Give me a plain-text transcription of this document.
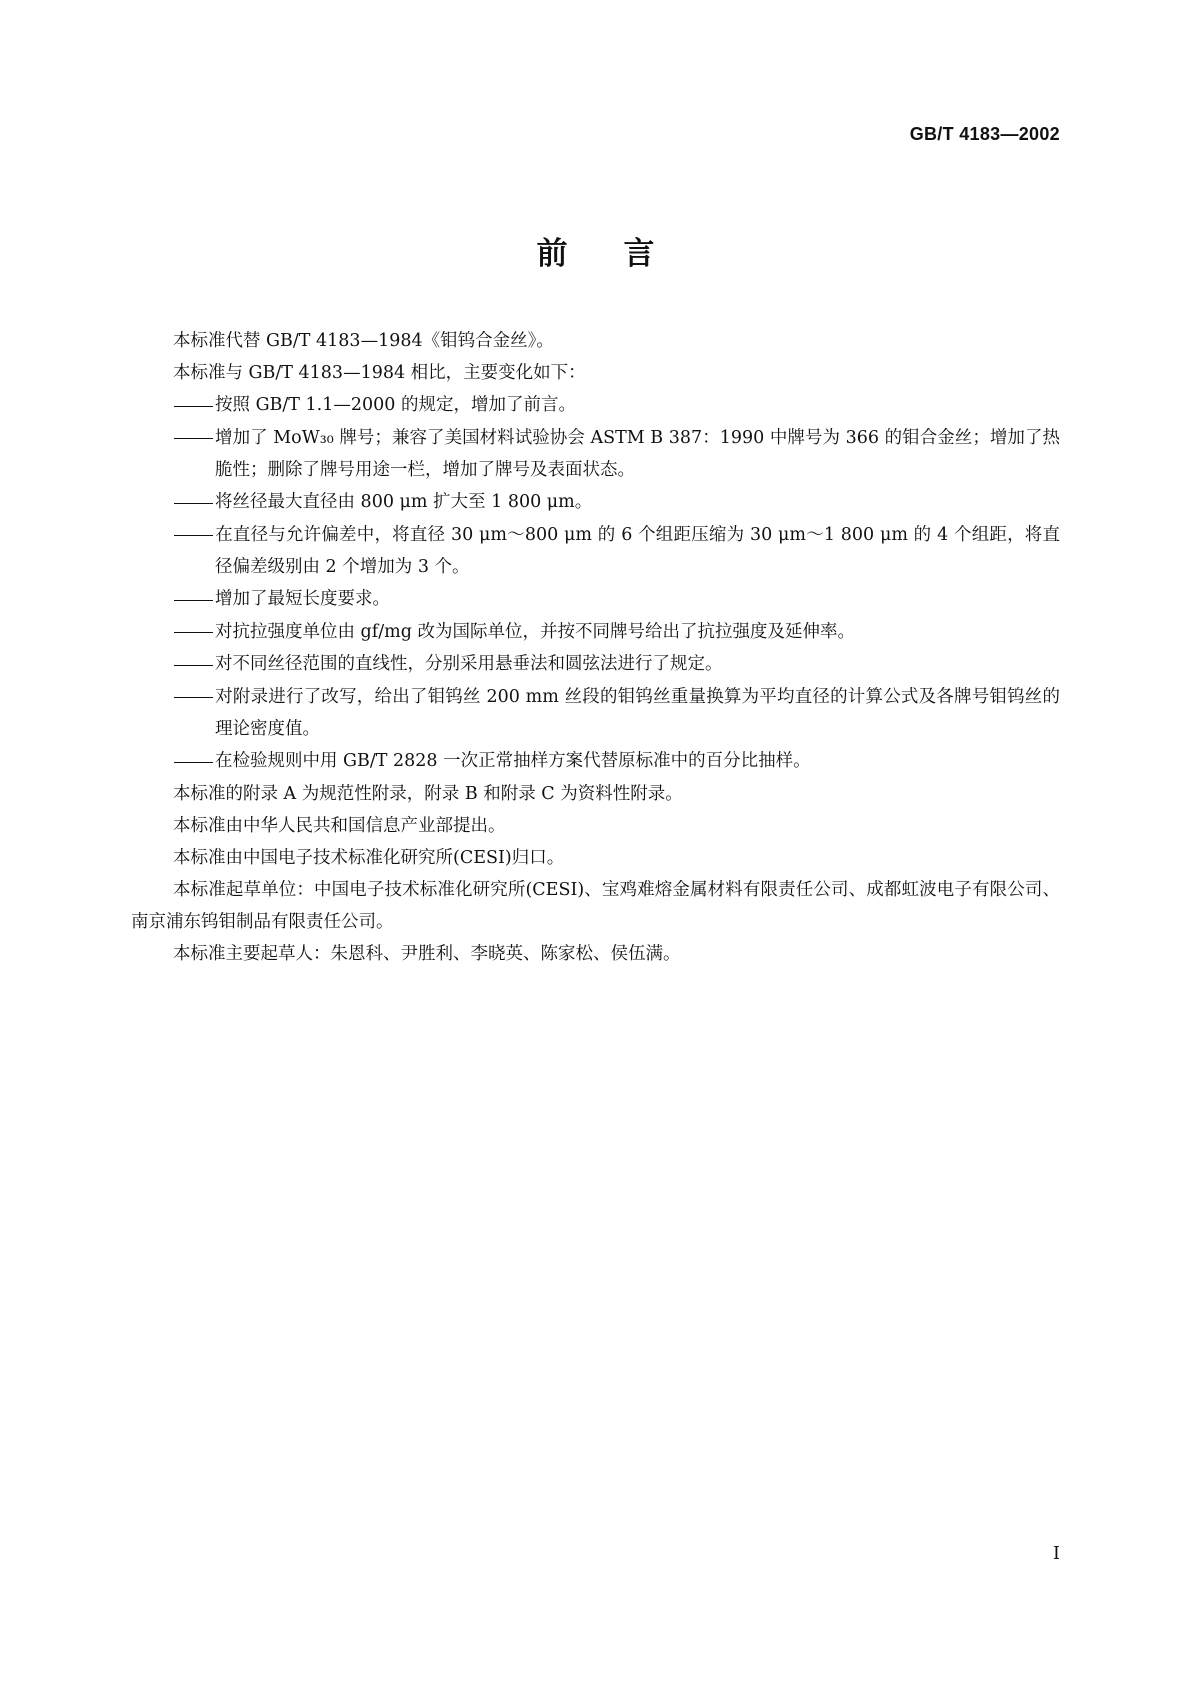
GB/T 4183—2002
前言
本标准代替 GB/T 4183—1984《钼钨合金丝》。
本标准与 GB/T 4183—1984 相比，主要变化如下：
按照 GB/T 1.1—2000 的规定，增加了前言。
增加了 MoW₃₀ 牌号；兼容了美国材料试验协会 ASTM B 387：1990 中牌号为 366 的钼合金丝；增加了热脆性；删除了牌号用途一栏，增加了牌号及表面状态。
将丝径最大直径由 800 μm 扩大至 1 800 μm。
在直径与允许偏差中，将直径 30 μm～800 μm 的 6 个组距压缩为 30 μm～1 800 μm 的 4 个组距，将直径偏差级别由 2 个增加为 3 个。
增加了最短长度要求。
对抗拉强度单位由 gf/mg 改为国际单位，并按不同牌号给出了抗拉强度及延伸率。
对不同丝径范围的直线性，分别采用悬垂法和圆弦法进行了规定。
对附录进行了改写，给出了钼钨丝 200 mm 丝段的钼钨丝重量换算为平均直径的计算公式及各牌号钼钨丝的理论密度值。
在检验规则中用 GB/T 2828 一次正常抽样方案代替原标准中的百分比抽样。
本标准的附录 A 为规范性附录，附录 B 和附录 C 为资料性附录。
本标准由中华人民共和国信息产业部提出。
本标准由中国电子技术标准化研究所(CESI)归口。
本标准起草单位：中国电子技术标准化研究所(CESI)、宝鸡难熔金属材料有限责任公司、成都虹波电子有限公司、南京浦东钨钼制品有限责任公司。
本标准主要起草人：朱恩科、尹胜利、李晓英、陈家松、侯伍满。
I
